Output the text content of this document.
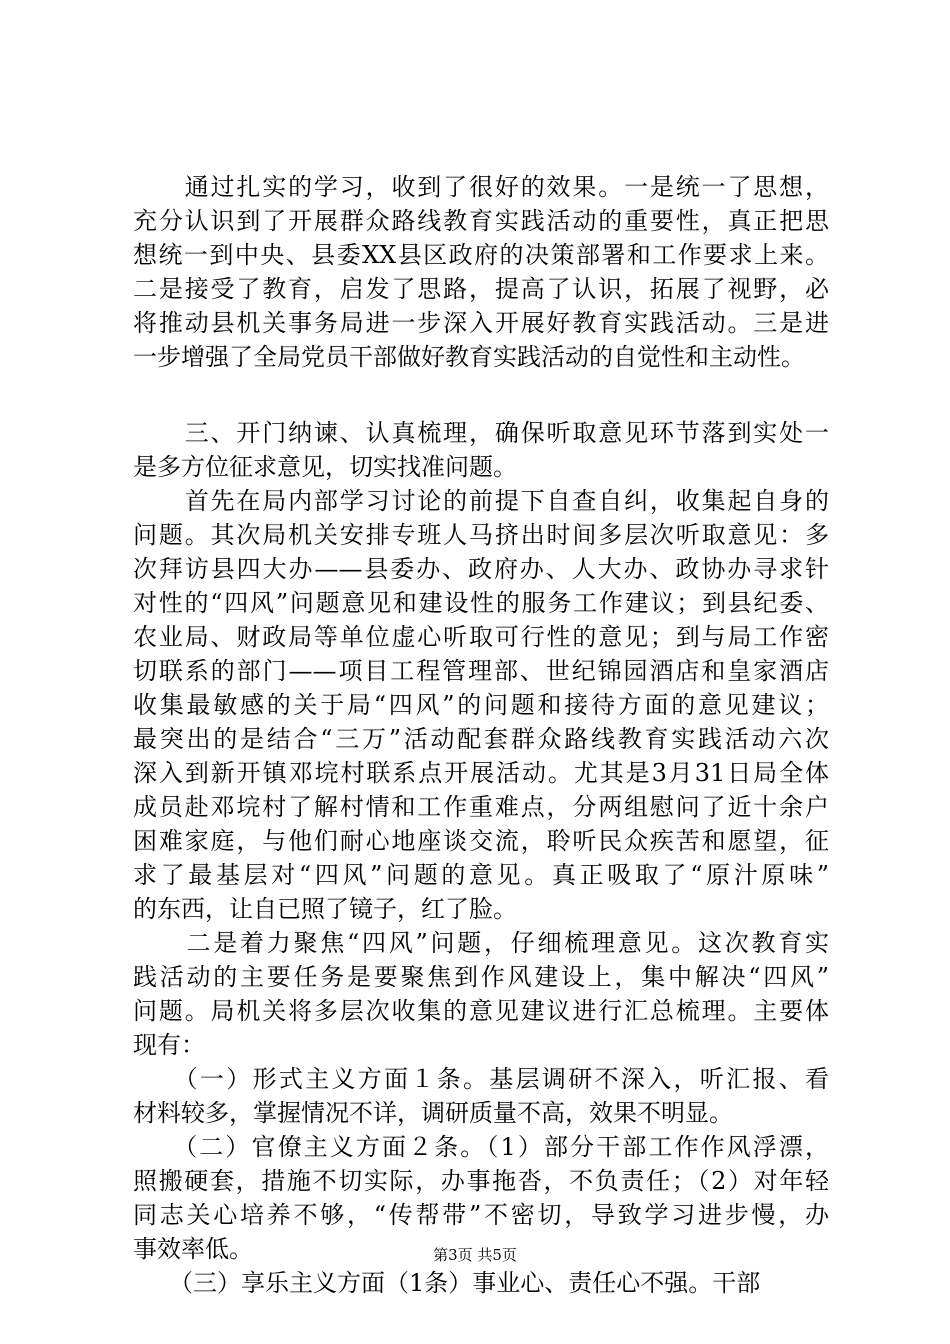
　　通过扎实的学习，收到了很好的效果。一是统一了思想，
充分认识到了开展群众路线教育实践活动的重要性，真正把思
想统一到中央、县委XX县区政府的决策部署和工作要求上来。
二是接受了教育，启发了思路，提高了认识，拓展了视野，必
将推动县机关事务局进一步深入开展好教育实践活动。三是进
一步增强了全局党员干部做好教育实践活动的自觉性和主动性。
　　三、开门纳谏、认真梳理，确保听取意见环节落到实处一
是多方位征求意见，切实找准问题。
　　首先在局内部学习讨论的前提下自查自纠，收集起自身的
问题。其次局机关安排专班人马挤出时间多层次听取意见：多
次拜访县四大办——县委办、政府办、人大办、政协办寻求针
对性的“四风”问题意见和建设性的服务工作建议；到县纪委、
农业局、财政局等单位虚心听取可行性的意见；到与局工作密
切联系的部门——项目工程管理部、世纪锦园酒店和皇家酒店
收集最敏感的关于局“四风”的问题和接待方面的意见建议；
最突出的是结合“三万”活动配套群众路线教育实践活动六次
深入到新开镇邓垸村联系点开展活动。尤其是3月31日局全体
成员赴邓垸村了解村情和工作重难点，分两组慰问了近十余户
困难家庭，与他们耐心地座谈交流，聆听民众疾苦和愿望，征
求了最基层对“四风”问题的意见。真正吸取了“原汁原味”
的东西，让自已照了镜子，红了脸。
　　二是着力聚焦“四风”问题，仔细梳理意见。这次教育实
践活动的主要任务是要聚焦到作风建设上，集中解决“四风”
问题。局机关将多层次收集的意见建议进行汇总梳理。主要体
现有：
　　（一）形式主义方面１条。基层调研不深入，听汇报、看
材料较多，掌握情况不详，调研质量不高，效果不明显。
　　（二）官僚主义方面２条。（1）部分干部工作作风浮漂，
照搬硬套，措施不切实际，办事拖沓，不负责任；（2）对年轻
同志关心培养不够，“传帮带”不密切，导致学习进步慢，办
事效率低。
　　（三）享乐主义方面（1条）事业心、责任心不强。干部
第3页 共5页
